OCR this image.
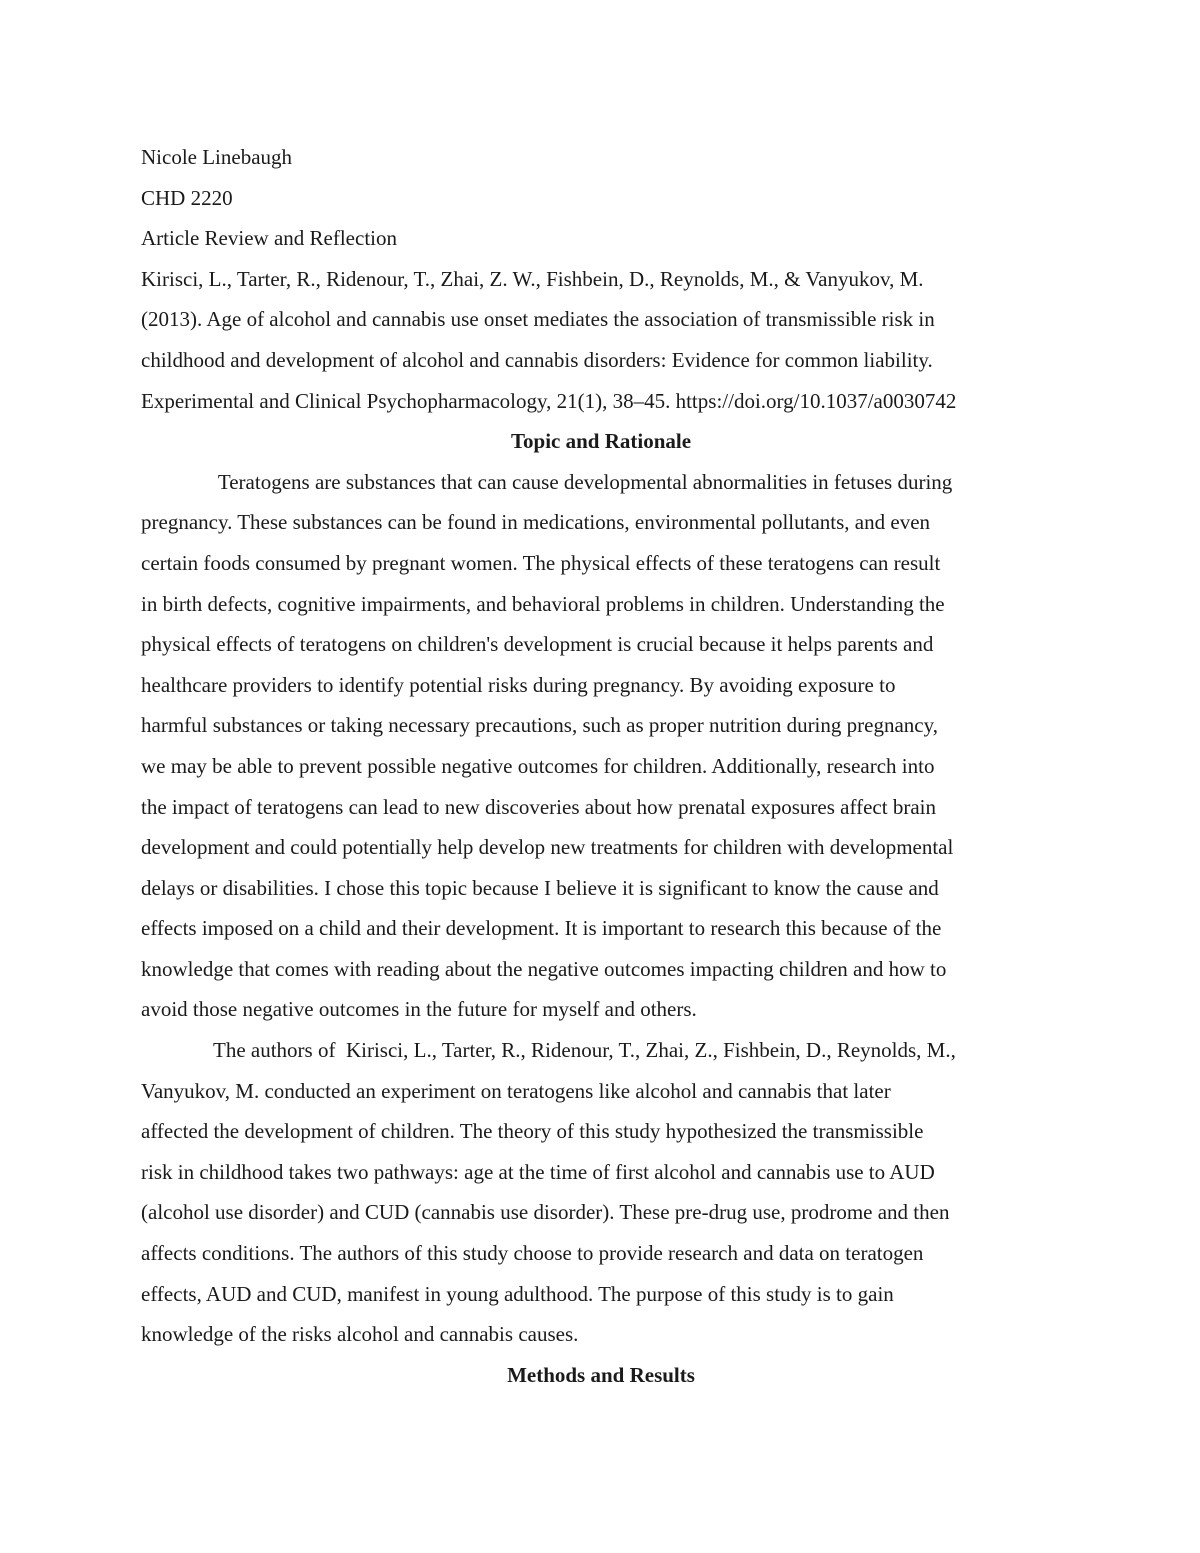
Nicole Linebaugh
CHD 2220
Article Review and Reflection
Kirisci, L., Tarter, R., Ridenour, T., Zhai, Z. W., Fishbein, D., Reynolds, M., & Vanyukov, M.
(2013). Age of alcohol and cannabis use onset mediates the association of transmissible risk in
childhood and development of alcohol and cannabis disorders: Evidence for common liability.
Experimental and Clinical Psychopharmacology, 21(1), 38–45. https://doi.org/10.1037/a0030742
Topic and Rationale
Teratogens are substances that can cause developmental abnormalities in fetuses during
pregnancy. These substances can be found in medications, environmental pollutants, and even
certain foods consumed by pregnant women. The physical effects of these teratogens can result
in birth defects, cognitive impairments, and behavioral problems in children. Understanding the
physical effects of teratogens on children's development is crucial because it helps parents and
healthcare providers to identify potential risks during pregnancy. By avoiding exposure to
harmful substances or taking necessary precautions, such as proper nutrition during pregnancy,
we may be able to prevent possible negative outcomes for children. Additionally, research into
the impact of teratogens can lead to new discoveries about how prenatal exposures affect brain
development and could potentially help develop new treatments for children with developmental
delays or disabilities. I chose this topic because I believe it is significant to know the cause and
effects imposed on a child and their development. It is important to research this because of the
knowledge that comes with reading about the negative outcomes impacting children and how to
avoid those negative outcomes in the future for myself and others.
The authors of  Kirisci, L., Tarter, R., Ridenour, T., Zhai, Z., Fishbein, D., Reynolds, M.,
Vanyukov, M. conducted an experiment on teratogens like alcohol and cannabis that later
affected the development of children. The theory of this study hypothesized the transmissible
risk in childhood takes two pathways: age at the time of first alcohol and cannabis use to AUD
(alcohol use disorder) and CUD (cannabis use disorder). These pre-drug use, prodrome and then
affects conditions. The authors of this study choose to provide research and data on teratogen
effects, AUD and CUD, manifest in young adulthood. The purpose of this study is to gain
knowledge of the risks alcohol and cannabis causes.
Methods and Results
